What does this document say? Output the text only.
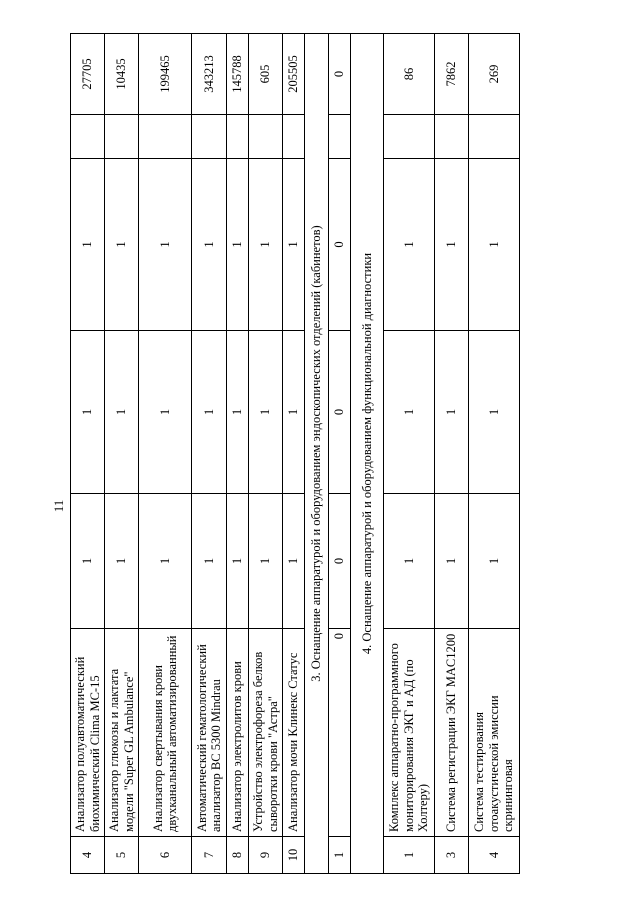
11
4	Анализатор полуавтоматический биохимический Clima MC-15	1	1	1		27705
5	Анализатор глюкозы и лактата модели "Super GL Ambulance"	1	1	1		10435
6	Анализатор свертывания крови двухканальный автоматизированный	1	1	1		199465
7	Автоматический гематологический анализатор BC 5300 Mindrau	1	1	1		343213
8	Анализатор электролитов крови	1	1	1		145788
9	Устройство электрофореза белков сыворотки крови "Астра"	1	1	1		605
10	Анализатор мочи Клинекс Статус	1	1	1		205505
3. Оснащение аппаратурой и оборудованием эндоскопических отделений (кабинетов)						
1	0	0	0	0		0
4. Оснащение аппаратурой и оборудованием функциональной диагностики						
1	Комплекс аппаратно-программного мониторирования ЭКГ и АД (по Холтеру)	1	1	1		86
3	Система регистрации ЭКГ MAC1200	1	1	1		7862
4	Система тестирования отоакустической эмиссии скрининговая	1	1	1		269
